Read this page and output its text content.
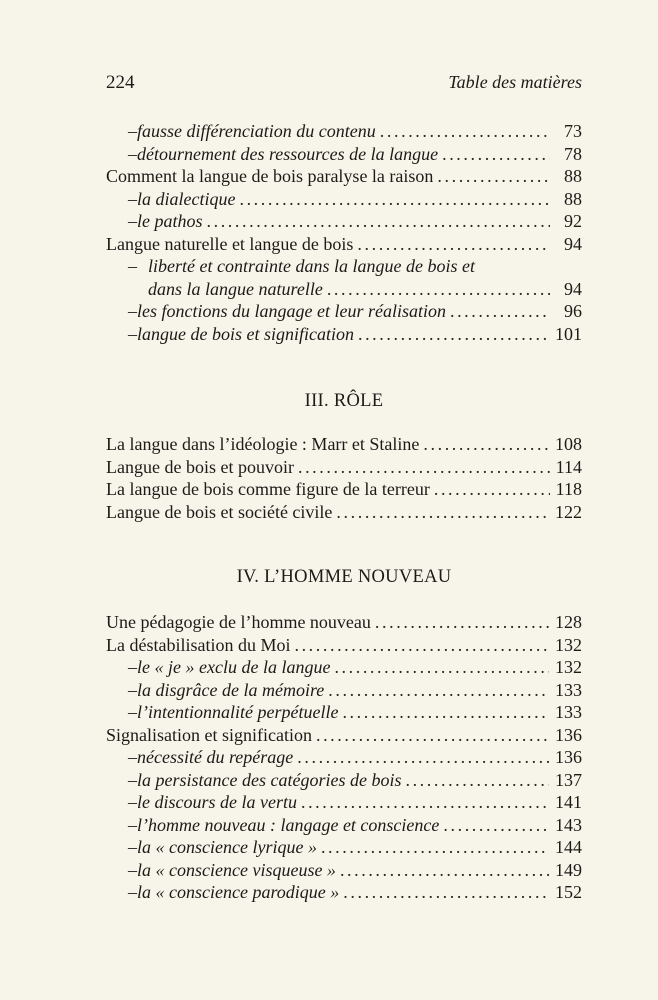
224	Table des matières
– fausse différenciation du contenu .....	73
– détournement des ressources de la langue .....	78
Comment la langue de bois paralyse la raison .....	88
– la dialectique .....	88
– le pathos .....	92
Langue naturelle et langue de bois .....	94
– liberté et contrainte dans la langue de bois et
dans la langue naturelle .....	94
– les fonctions du langage et leur réalisation .....	96
– langue de bois et signification .....	101
III. RÔLE
La langue dans l’idéologie : Marr et Staline .....	108
Langue de bois et pouvoir .....	114
La langue de bois comme figure de la terreur .....	118
Langue de bois et société civile .....	122
IV. L’HOMME NOUVEAU
Une pédagogie de l’homme nouveau .....	128
La déstabilisation du Moi .....	132
– le « je » exclu de la langue .....	132
– la disgrâce de la mémoire .....	133
– l’intentionnalité perpétuelle .....	133
Signalisation et signification .....	136
– nécessité du repérage .....	136
– la persistance des catégories de bois .....	137
– le discours de la vertu .....	141
– l’homme nouveau : langage et conscience .....	143
– la « conscience lyrique » .....	144
– la « conscience visqueuse » .....	149
– la « conscience parodique » .....	152
